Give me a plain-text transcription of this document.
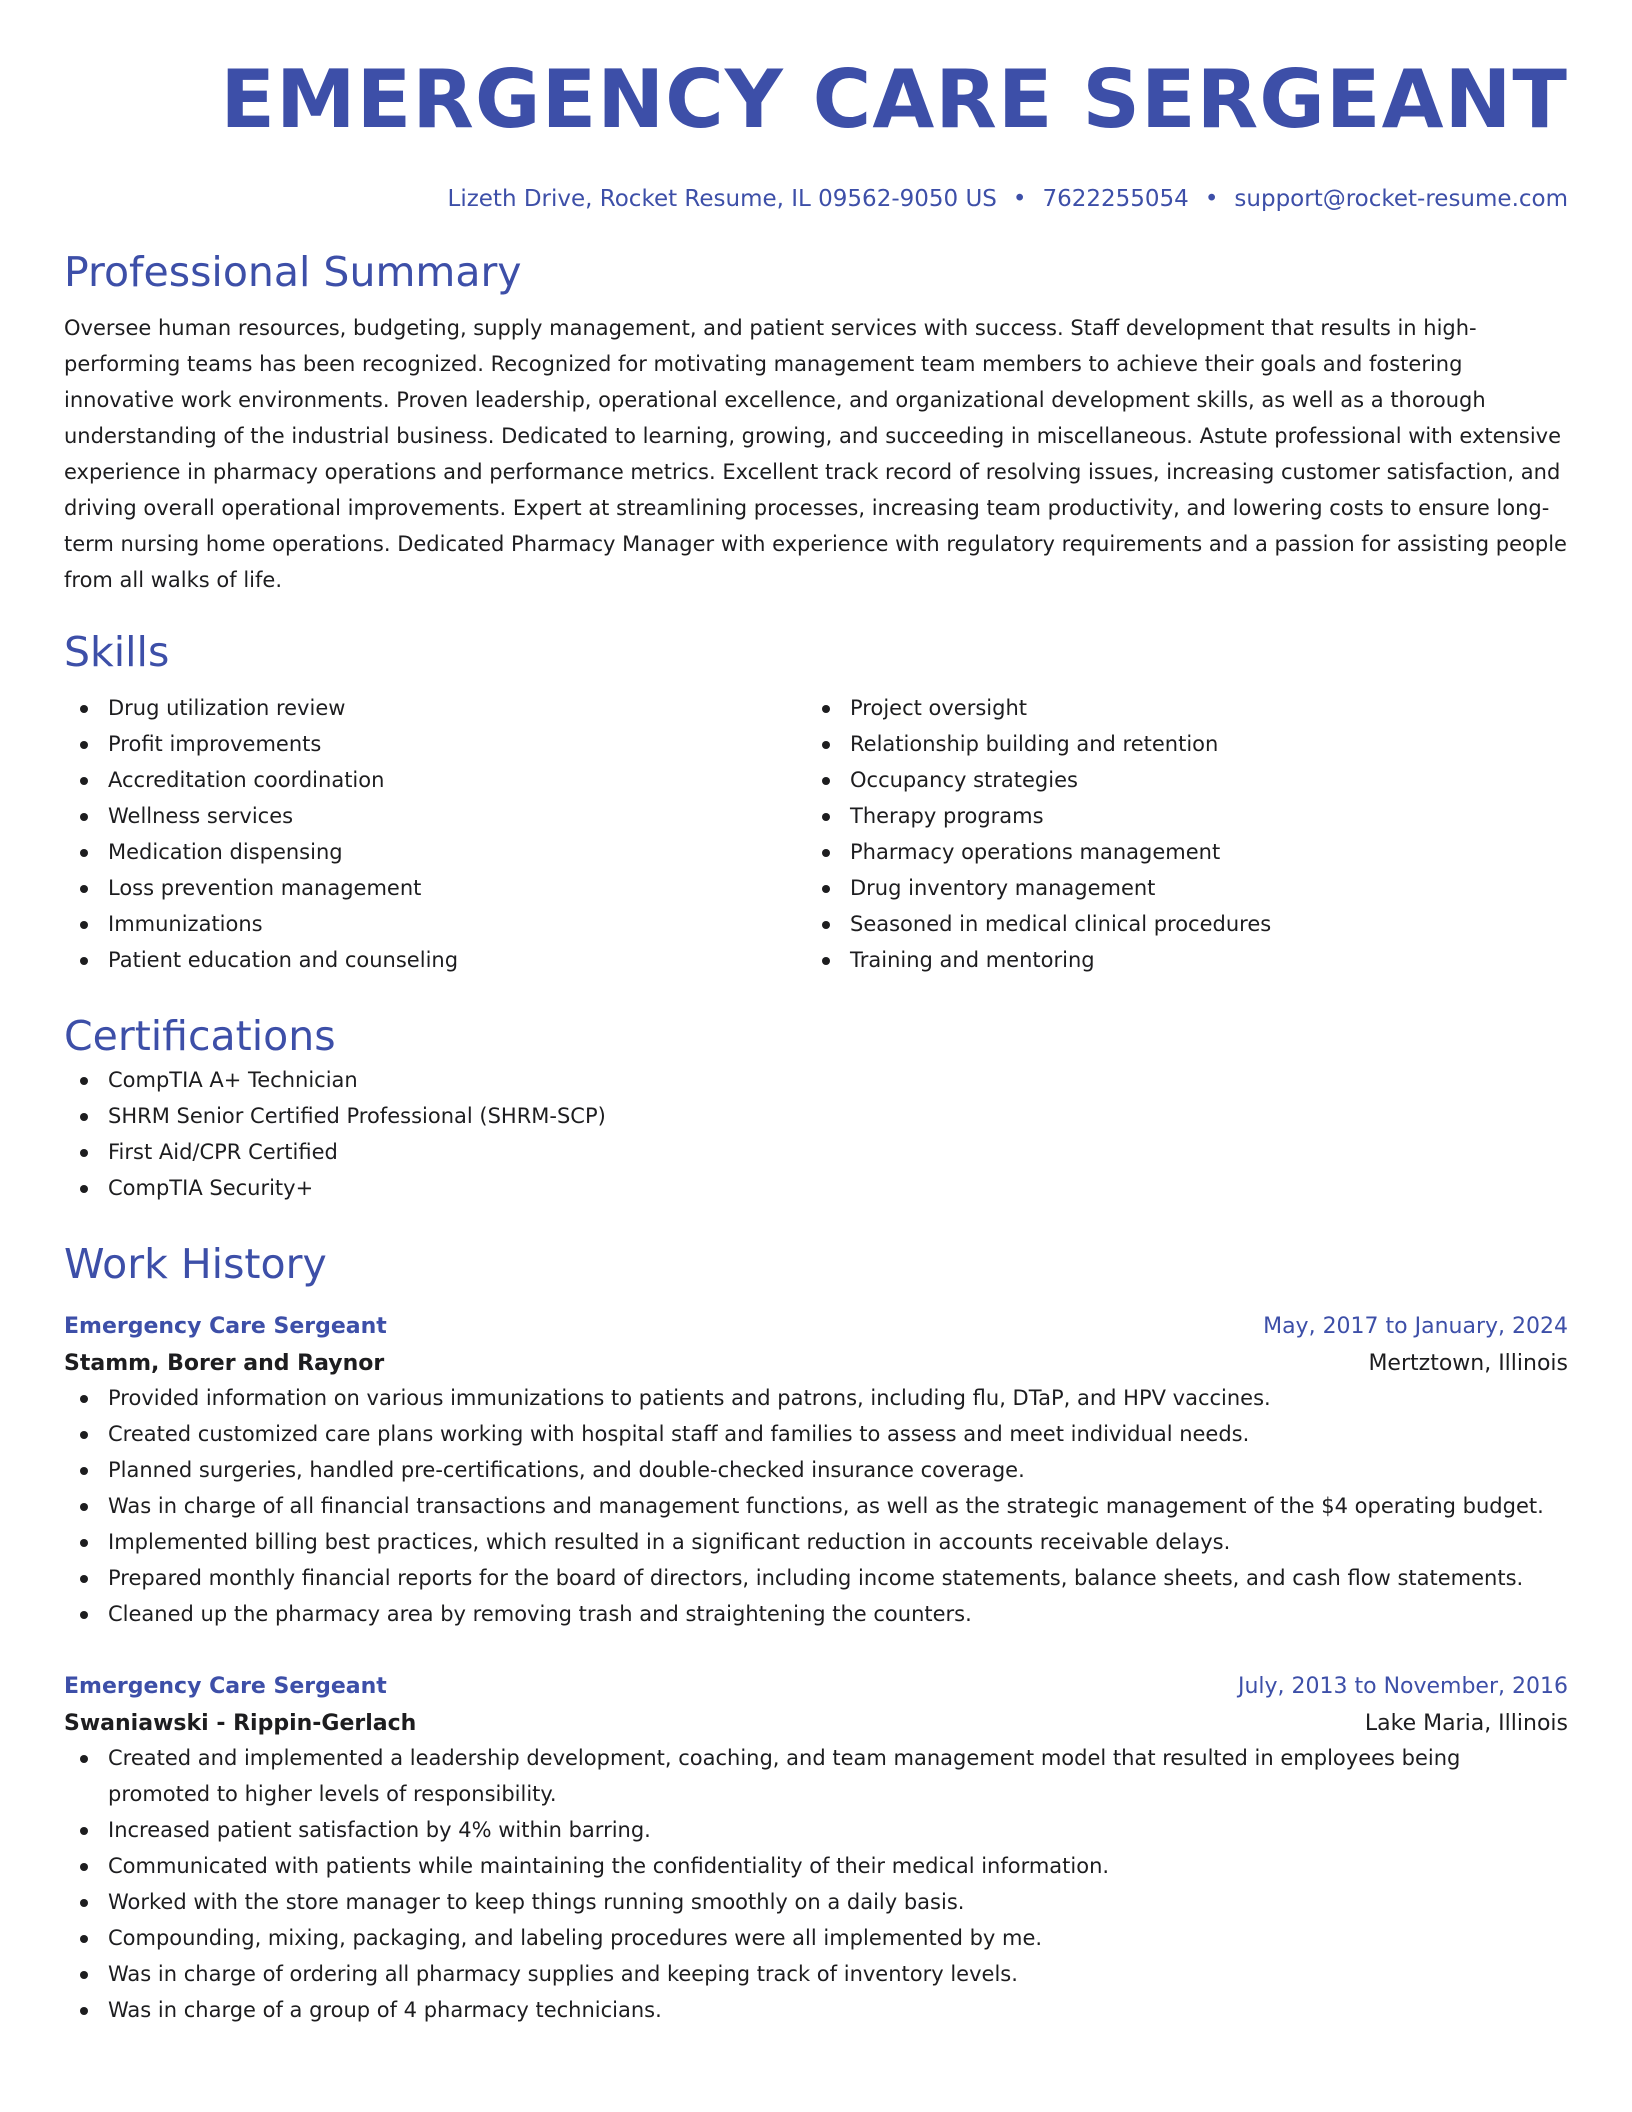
EMERGENCY CARE SERGEANT
Lizeth Drive, Rocket Resume, IL 09562-9050 US • 7622255054 • support@rocket-resume.com
Professional Summary
Oversee human resources, budgeting, supply management, and patient services with success. Staff development that results in high-performing teams has been recognized. Recognized for motivating management team members to achieve their goals and fostering innovative work environments. Proven leadership, operational excellence, and organizational development skills, as well as a thorough understanding of the industrial business. Dedicated to learning, growing, and succeeding in miscellaneous. Astute professional with extensive experience in pharmacy operations and performance metrics. Excellent track record of resolving issues, increasing customer satisfaction, and driving overall operational improvements. Expert at streamlining processes, increasing team productivity, and lowering costs to ensure long-term nursing home operations. Dedicated Pharmacy Manager with experience with regulatory requirements and a passion for assisting people from all walks of life.
Skills
Drug utilization review
Profit improvements
Accreditation coordination
Wellness services
Medication dispensing
Loss prevention management
Immunizations
Patient education and counseling
Project oversight
Relationship building and retention
Occupancy strategies
Therapy programs
Pharmacy operations management
Drug inventory management
Seasoned in medical clinical procedures
Training and mentoring
Certifications
CompTIA A+ Technician
SHRM Senior Certified Professional (SHRM-SCP)
First Aid/CPR Certified
CompTIA Security+
Work History
Emergency Care Sergeant	May, 2017 to January, 2024
Stamm, Borer and Raynor	Mertztown, Illinois
Provided information on various immunizations to patients and patrons, including flu, DTaP, and HPV vaccines.
Created customized care plans working with hospital staff and families to assess and meet individual needs.
Planned surgeries, handled pre-certifications, and double-checked insurance coverage.
Was in charge of all financial transactions and management functions, as well as the strategic management of the $4 operating budget.
Implemented billing best practices, which resulted in a significant reduction in accounts receivable delays.
Prepared monthly financial reports for the board of directors, including income statements, balance sheets, and cash flow statements.
Cleaned up the pharmacy area by removing trash and straightening the counters.
Emergency Care Sergeant	July, 2013 to November, 2016
Swaniawski - Rippin-Gerlach	Lake Maria, Illinois
Created and implemented a leadership development, coaching, and team management model that resulted in employees being promoted to higher levels of responsibility.
Increased patient satisfaction by 4% within barring.
Communicated with patients while maintaining the confidentiality of their medical information.
Worked with the store manager to keep things running smoothly on a daily basis.
Compounding, mixing, packaging, and labeling procedures were all implemented by me.
Was in charge of ordering all pharmacy supplies and keeping track of inventory levels.
Was in charge of a group of 4 pharmacy technicians.
